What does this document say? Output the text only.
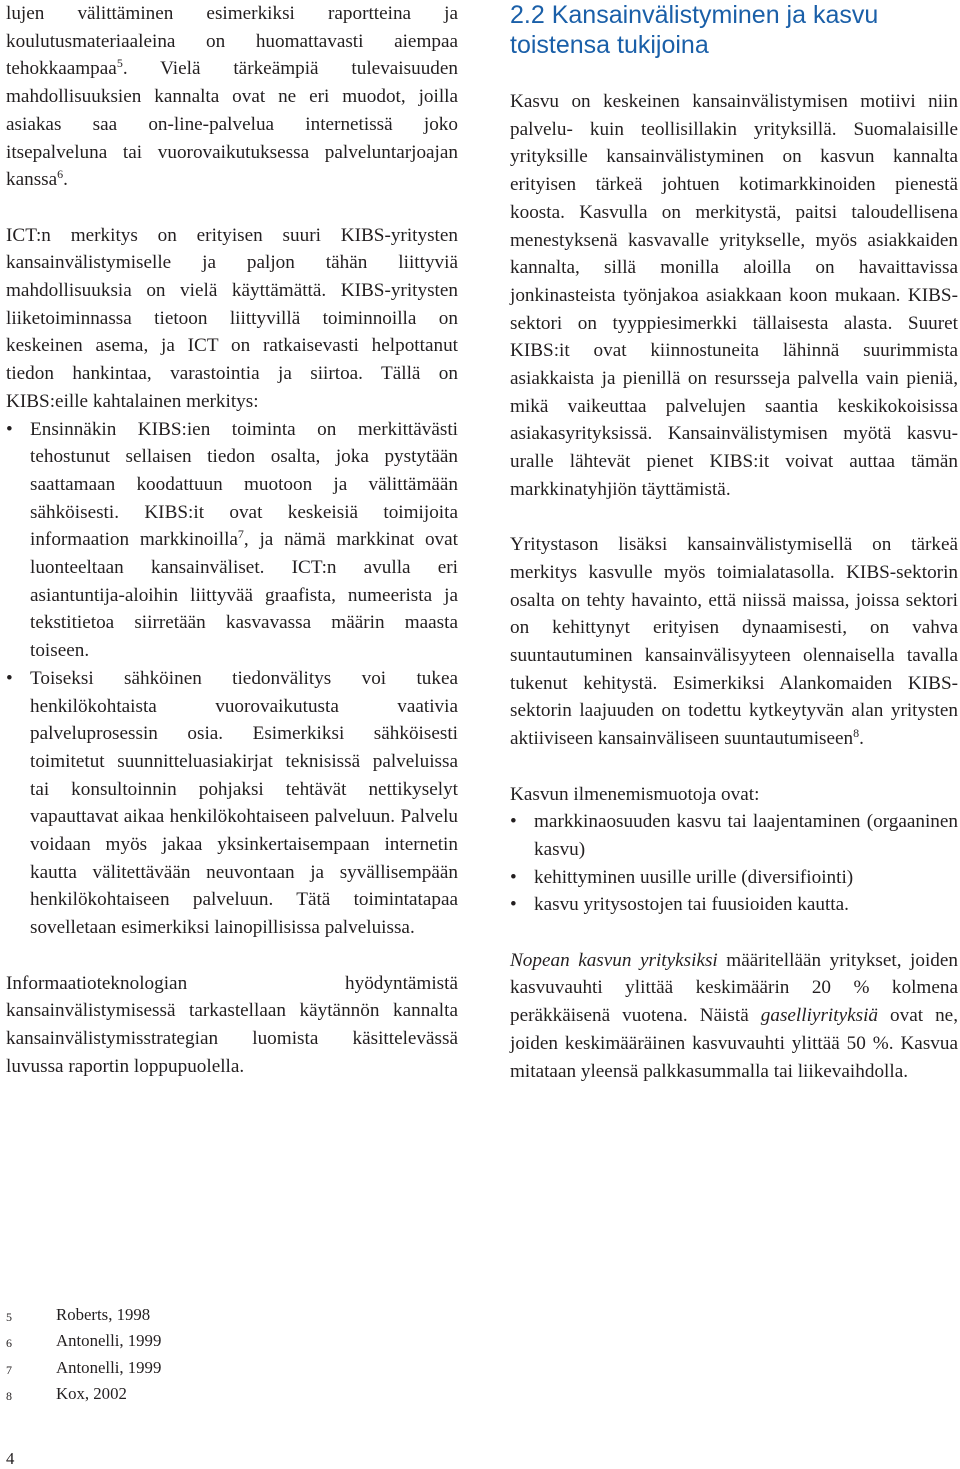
lujen välittäminen esimerkiksi raportteina ja koulutusmateriaaleina on huomattavasti aiempaa tehokkaampaa$^5$. Vielä tärkeämpiä tulevaisuuden mahdollisuuksien kannalta ovat ne eri muodot, joilla asiakas saa on-line-palvelua internetissä joko itsepalveluna tai vuorovaikutuksessa palveluntarjoajan kanssa$^6$.

ICT:n merkitys on erityisen suuri KIBS-yritysten kansainvälistymiselle ja paljon tähän liittyviä mahdollisuuksia on vielä käyttämättä. KIBS-yritysten liiketoiminnassa tietoon liittyvillä toiminnoilla on keskeinen asema, ja ICT on ratkaisevasti helpottanut tiedon hankintaa, varastointia ja siirtoa. Tällä on KIBS:eille kahtalainen merkitys:

• Ensinnäkin KIBS:ien toiminta on merkittävästi tehostunut sellaisen tiedon osalta, joka pystytään saattamaan koodattuun muotoon ja välittämään sähköisesti. KIBS:it ovat keskeisiä toimijoita informaation markkinoilla$^7$, ja nämä markkinat ovat luonteeltaan kansainväliset. ICT:n avulla eri asiantuntija-aloihin liittyvää graafista, numeerista ja tekstitietoa siirretään kasvavassa määrin maasta toiseen.
• Toiseksi sähköinen tiedonvälitys voi tukea henkilökohtaista vuorovaikutusta vaativia palveluprosessin osia. Esimerkiksi sähköisesti toimitetut suunnitteluasiakirjat teknisissä palveluissa tai konsultoinnin pohjaksi tehtävät nettikyselyt vapauttavat aikaa henkilökohtaiseen palveluun. Palvelu voidaan myös jakaa yksinkertaisempaan internetin kautta välitettävään neuvontaan ja syvällisempään henkilökohtaiseen palveluun. Tätä toimintatapaa sovelletaan esimerkiksi lainopillisissa palveluissa.

Informaatioteknologian hyödyntämistä kansainvälistymisessä tarkastellaan käytännön kannalta kansainvälistymisstrategian luomista käsittelevässä luvussa raportin loppupuolella.

2.2 Kansainvälistyminen ja kasvu
toistensa tukijoina

Kasvu on keskeinen kansainvälistymisen motiivi niin palvelu- kuin teollisillakin yrityksillä. Suomalaisille yrityksille kansainvälistyminen on kasvun kannalta erityisen tärkeä johtuen kotimarkkinoiden pienestä koosta. Kasvulla on merkitystä, paitsi taloudellisena menestyksenä kasvavalle yritykselle, myös asiakkaiden kannalta, sillä monilla aloilla on havaittavissa jonkinasteista työnjakoa asiakkaan koon mukaan. KIBS-sektori on tyyppiesimerkki tällaisesta alasta. Suuret KIBS:it ovat kiinnostuneita lähinnä suurimmista asiakkaista ja pienillä on resursseja palvella vain pieniä, mikä vaikeuttaa palvelujen saantia keskikokoisissa asiakasyrityksissä. Kansainvälistymisen myötä kasvu-uralle lähtevät pienet KIBS:it voivat auttaa tämän markkinatyhjiön täyttämistä.

Yritystason lisäksi kansainvälistymisellä on tärkeä merkitys kasvulle myös toimialatasolla. KIBS-sektorin osalta on tehty havainto, että niissä maissa, joissa sektori on kehittynyt erityisen dynaamisesti, on vahva suuntautuminen kansainvälisyyteen olennaisella tavalla tukenut kehitystä. Esimerkiksi Alankomaiden KIBS-sektorin laajuuden on todettu kytkeytyvän alan yritysten aktiiviseen kansainväliseen suuntautumiseen$^8$.

Kasvun ilmenemismuotoja ovat:

• markkinaosuuden kasvu tai laajentaminen (orgaaninen kasvu)
• kehittyminen uusille urille (diversifiointi)
• kasvu yritysostojen tai fuusioiden kautta.

Nopean kasvun yrityksiksi määritellään yritykset, joiden kasvuvauhti ylittää keskimäärin 20 % kolmena peräkkäisenä vuotena. Näistä gaselliyrityksiä ovat ne, joiden keskimääräinen kasvuvauhti ylittää 50 %. Kasvua mitataan yleensä palkkasummalla tai liikevaihdolla.

5	Roberts, 1998
6	Antonelli, 1999
7	Antonelli, 1999
8	Kox, 2002
4
